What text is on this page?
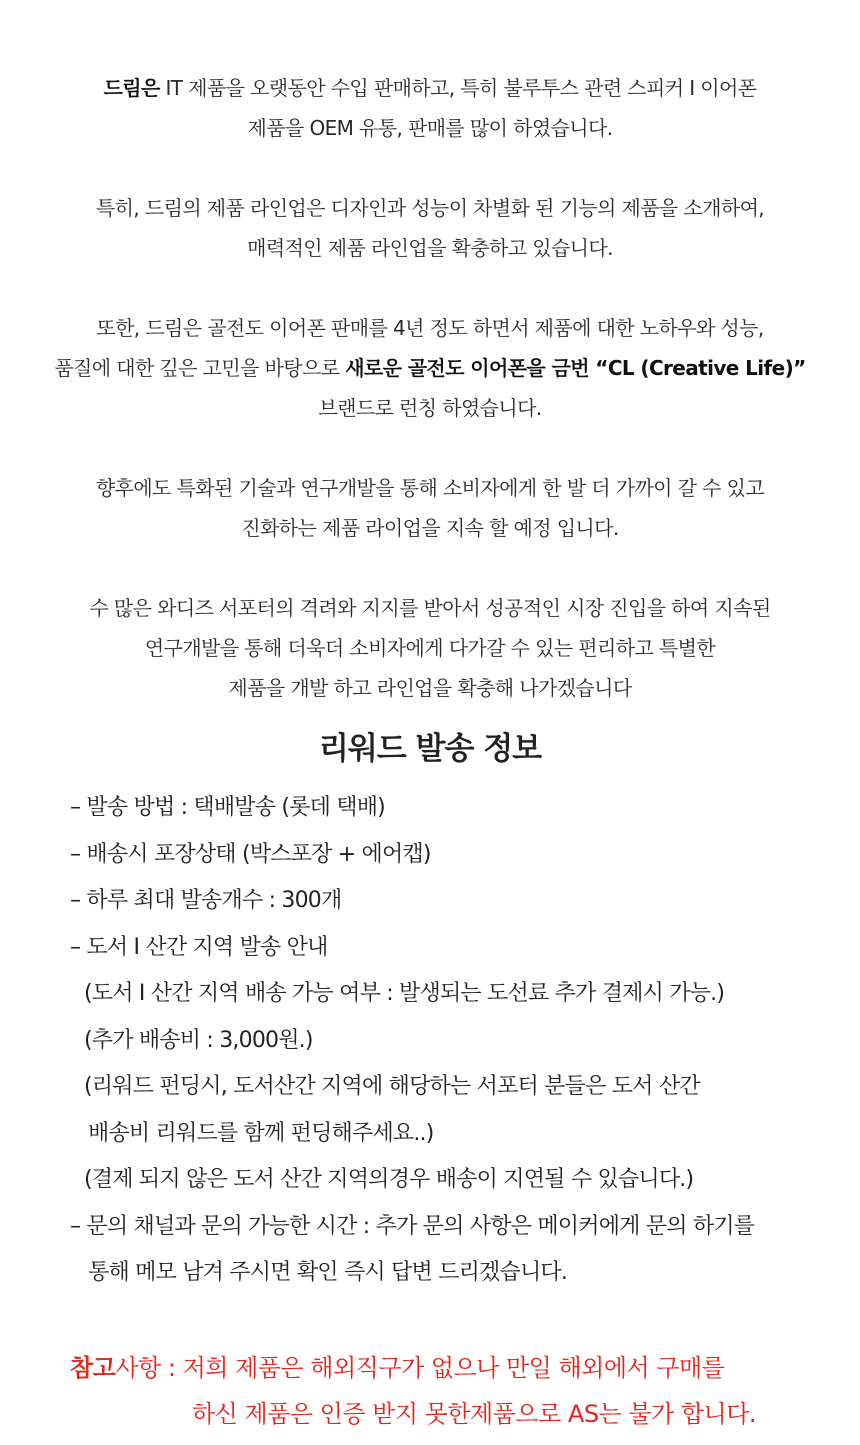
드림은 IT 제품을 오랫동안 수입 판매하고, 특히 불루투스 관련 스피커 I 이어폰
제품을 OEM 유통, 판매를 많이 하였습니다.
특히, 드림의 제품 라인업은 디자인과 성능이 차별화 된 기능의 제품을 소개하여,
매력적인 제품 라인업을 확충하고 있습니다.
또한, 드림은 골전도 이어폰 판매를 4년 정도 하면서 제품에 대한 노하우와 성능,
품질에 대한 깊은 고민을 바탕으로 새로운 골전도 이어폰을 금번 “CL (Creative Life)”
브랜드로 런칭 하였습니다.
향후에도 특화된 기술과 연구개발을 통해 소비자에게 한 발 더 가까이 갈 수 있고
진화하는 제품 라이업을 지속 할 예정 입니다.
수 많은 와디즈 서포터의 격려와 지지를 받아서 성공적인 시장 진입을 하여 지속된
연구개발을 통해 더욱더 소비자에게 다가갈 수 있는 편리하고 특별한
제품을 개발 하고 라인업을 확충해 나가겠습니다
리워드 발송 정보
– 발송 방법 : 택배발송 (롯데 택배)
– 배송시 포장상태 (박스포장 + 에어캡)
– 하루 최대 발송개수 : 300개
– 도서 I 산간 지역 발송 안내
(도서 I 산간 지역 배송 가능 여부 : 발생되는 도선료 추가 결제시 가능.)
(추가 배송비 : 3,000원.)
(리워드 펀딩시, 도서산간 지역에 해당하는 서포터 분들은 도서 산간
배송비 리워드를 함께 펀딩해주세요..)
(결제 되지 않은 도서 산간 지역의경우 배송이 지연될 수 있습니다.)
– 문의 채널과 문의 가능한 시간 : 추가 문의 사항은 메이커에게 문의 하기를
통해 메모 남겨 주시면 확인 즉시 답변 드리겠습니다.
참고사항 : 저희 제품은 해외직구가 없으나 만일 해외에서 구매를
하신 제품은 인증 받지 못한제품으로 AS는 불가 합니다.
